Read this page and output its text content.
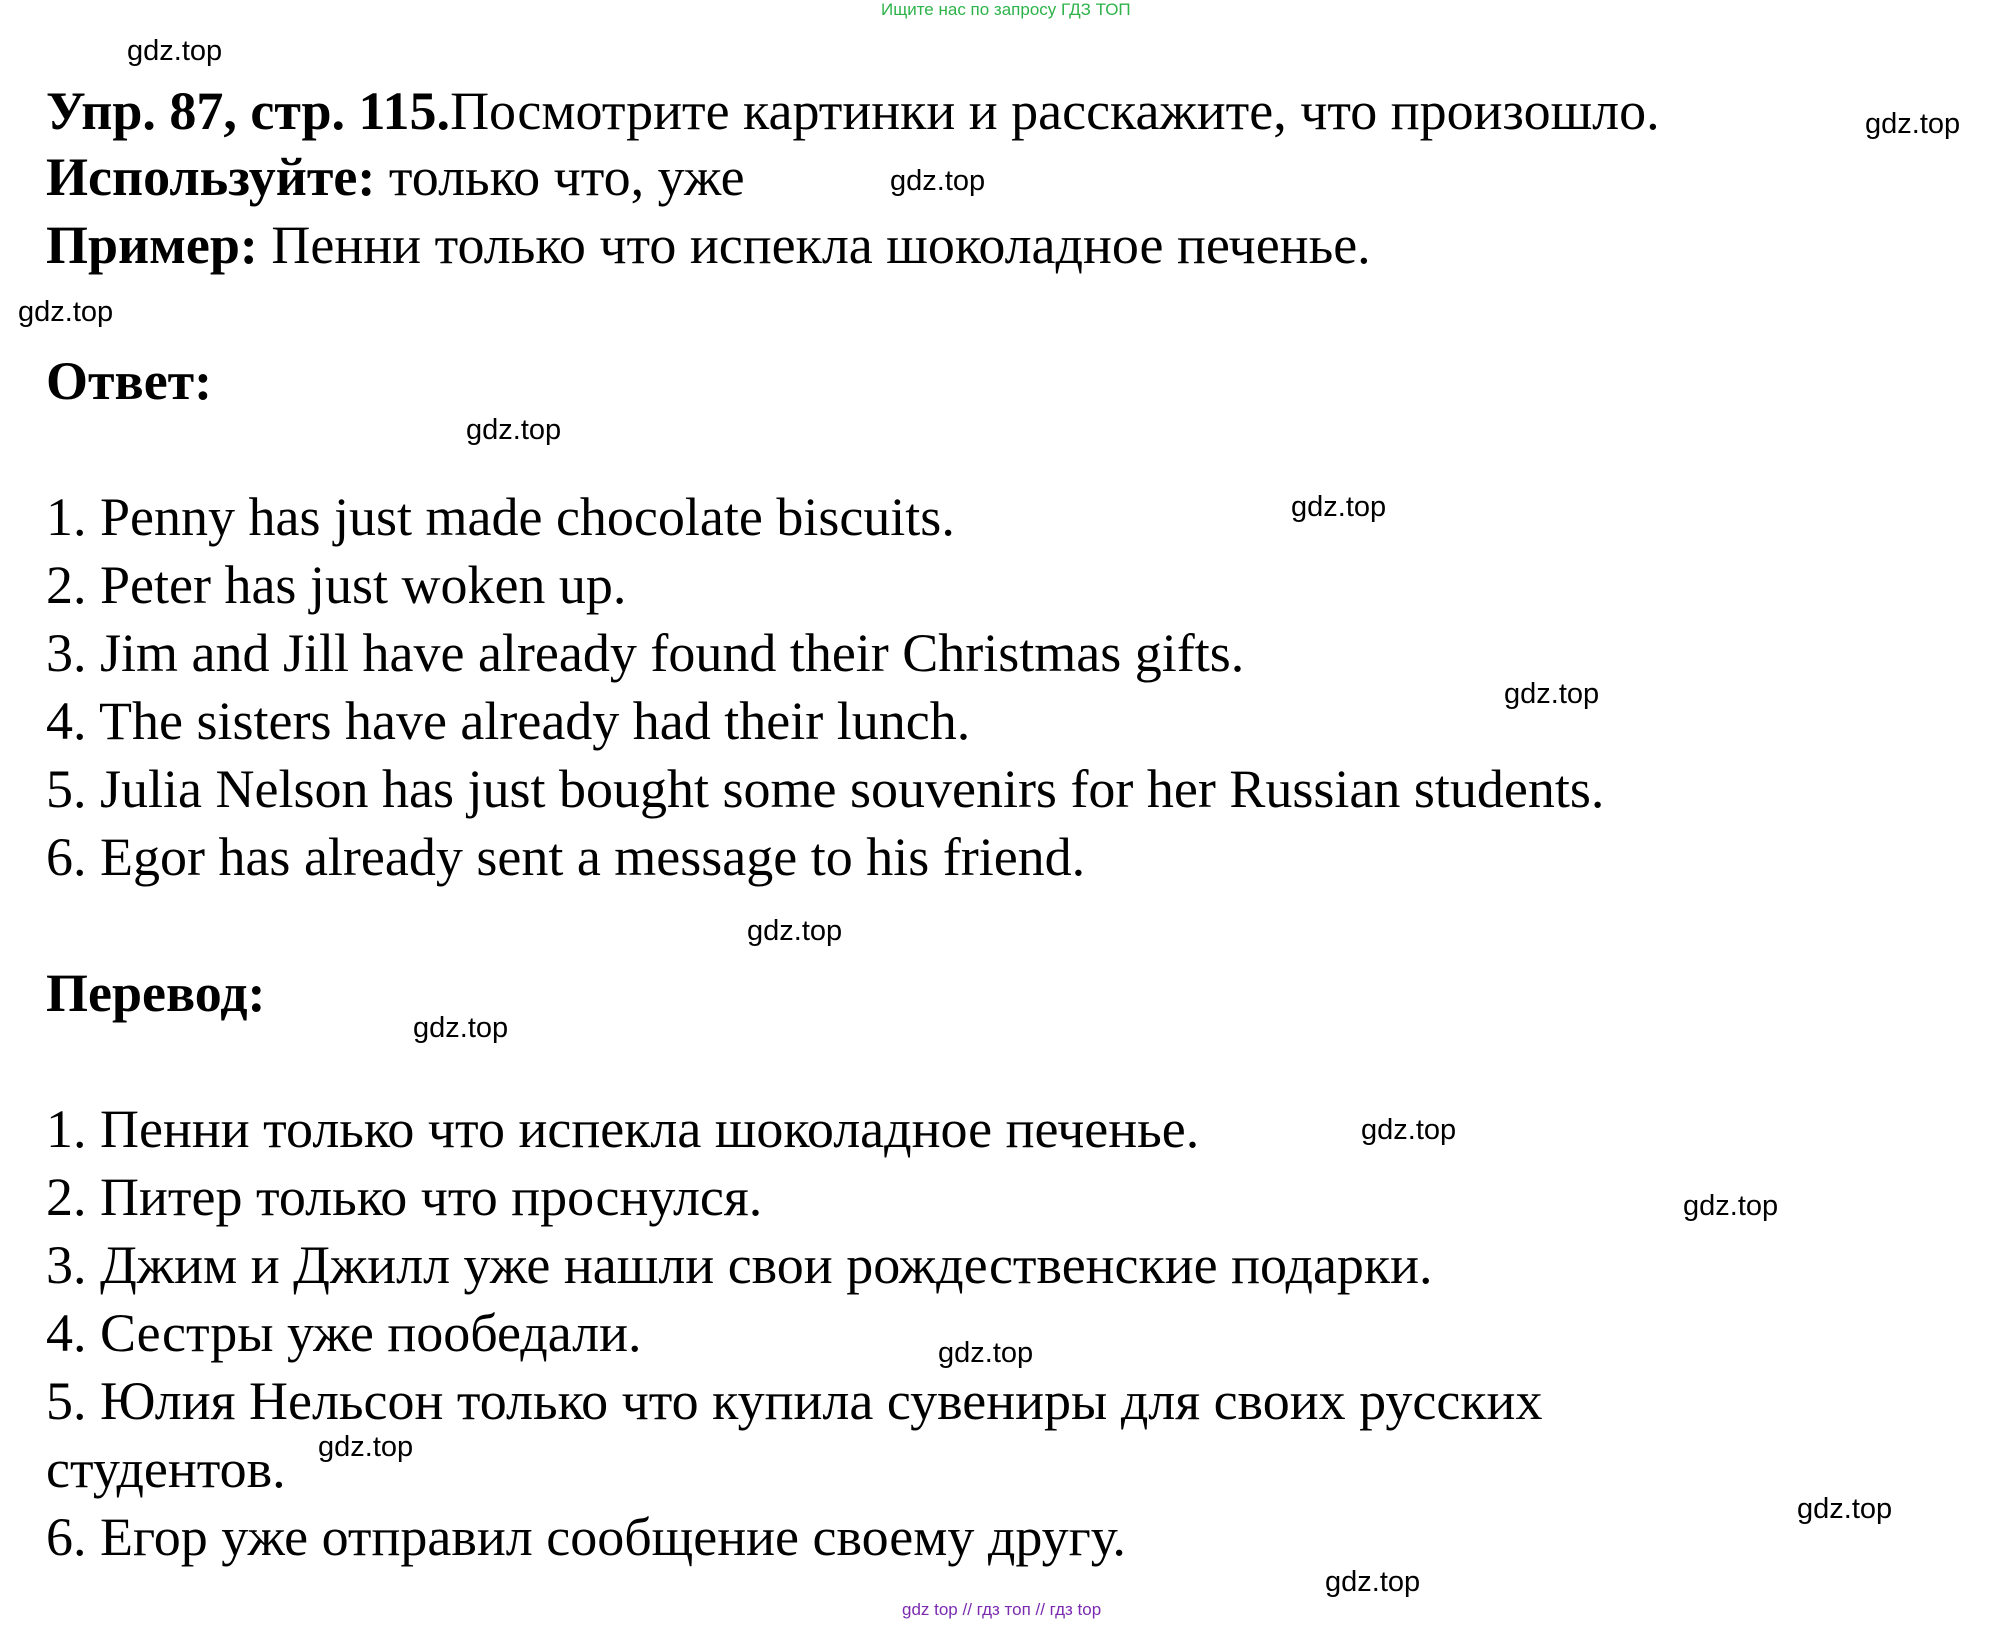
Ищите нас по запросу ГДЗ ТОП
Упр. 87, стр. 115.Посмотрите картинки и расскажите, что произошло.
Используйте: только что, уже
Пример: Пенни только что испекла шоколадное печенье.
Ответ:
1. Penny has just made chocolate biscuits.
2. Peter has just woken up.
3. Jim and Jill have already found their Christmas gifts.
4. The sisters have already had their lunch.
5. Julia Nelson has just bought some souvenirs for her Russian students.
6. Egor has already sent a message to his friend.
Перевод:
1. Пенни только что испекла шоколадное печенье.
2. Питер только что проснулся.
3. Джим и Джилл уже нашли свои рождественские подарки.
4. Сестры уже пообедали.
5. Юлия Нельсон только что купила сувениры для своих русских
студентов.
6. Егор уже отправил сообщение своему другу.
gdz.top
gdz.top
gdz.top
gdz.top
gdz.top
gdz.top
gdz.top
gdz.top
gdz.top
gdz.top
gdz.top
gdz.top
gdz.top
gdz.top
gdz.top
gdz top // гдз топ // гдз top
